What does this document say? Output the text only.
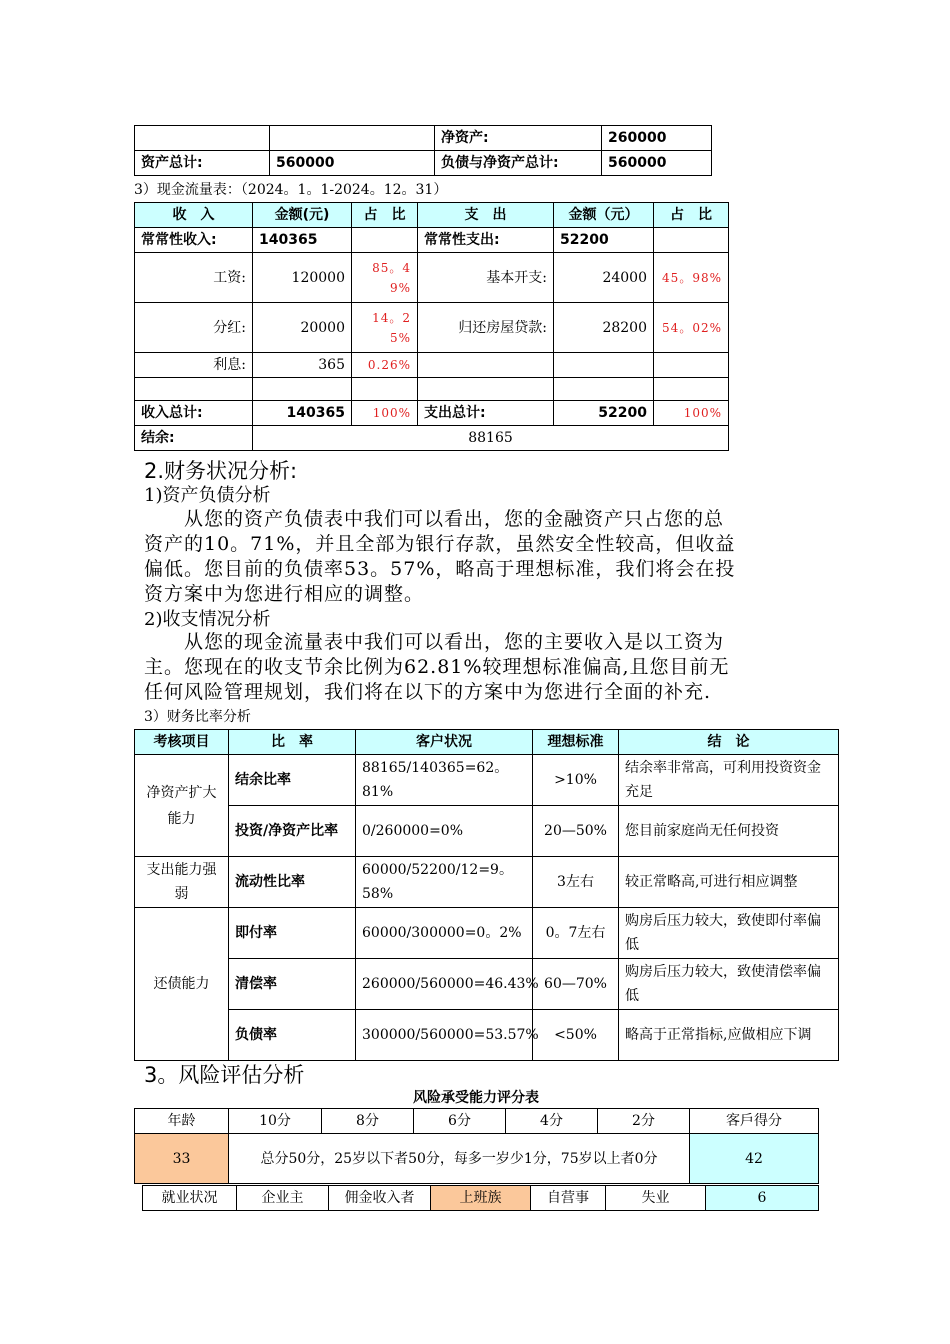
		净资产:	260000
资产总计:	560000	负债与净资产总计:	560000
3）现金流量表：（2024。1。1-2024。12。31）
收　入	金额(元)	占　比	支　出	金额（元）	占　比
常常性收入:	140365		常常性支出:	52200	
工资:	120000	85。49%	基本开支:	24000	45。98%
分红:	20000	14。25%	归还房屋贷款:	28200	54。02%
利息:	365	0.26%			

收入总计:	140365	100%	支出总计:	52200	100%
结余:	88165				
2.财务状况分析:
1)资产负债分析
　　从您的资产负债表中我们可以看出，您的金融资产只占您的总
资产的10。71%，并且全部为银行存款，虽然安全性较高，但收益
偏低。您目前的负债率53。57%，略高于理想标准，我们将会在投
资方案中为您进行相应的调整。
2)收支情况分析
　　从您的现金流量表中我们可以看出，您的主要收入是以工资为
主。您现在的收支节余比例为62.81%较理想标准偏高,且您目前无
任何风险管理规划，我们将在以下的方案中为您进行全面的补充.
3）财务比率分析
考核项目	比　率	客户状况	理想标准	结　论
净资产扩大能力	结余比率	88165/140365=62。81%	>10%	结余率非常高，可利用投资资金充足
	投资/净资产比率	0/260000=0%	20—50%	您目前家庭尚无任何投资
支出能力强弱	流动性比率	60000/52200/12=9。58%	3左右	较正常略高,可进行相应调整
还债能力	即付率	60000/300000=0。2%	0。7左右	购房后压力较大，致使即付率偏低
	清偿率	260000/560000=46.43%	60—70%	购房后压力较大，致使清偿率偏低
	负债率	300000/560000=53.57%	<50%	略高于正常指标,应做相应下调
3。风险评估分析
风险承受能力评分表
年龄	10分	8分	6分	4分	2分	客戶得分
33	总分50分，25岁以下者50分，每多一岁少1分，75岁以上者0分					42
就业状况	企业主	佣金收入者	上班族	自营事	失业	6
